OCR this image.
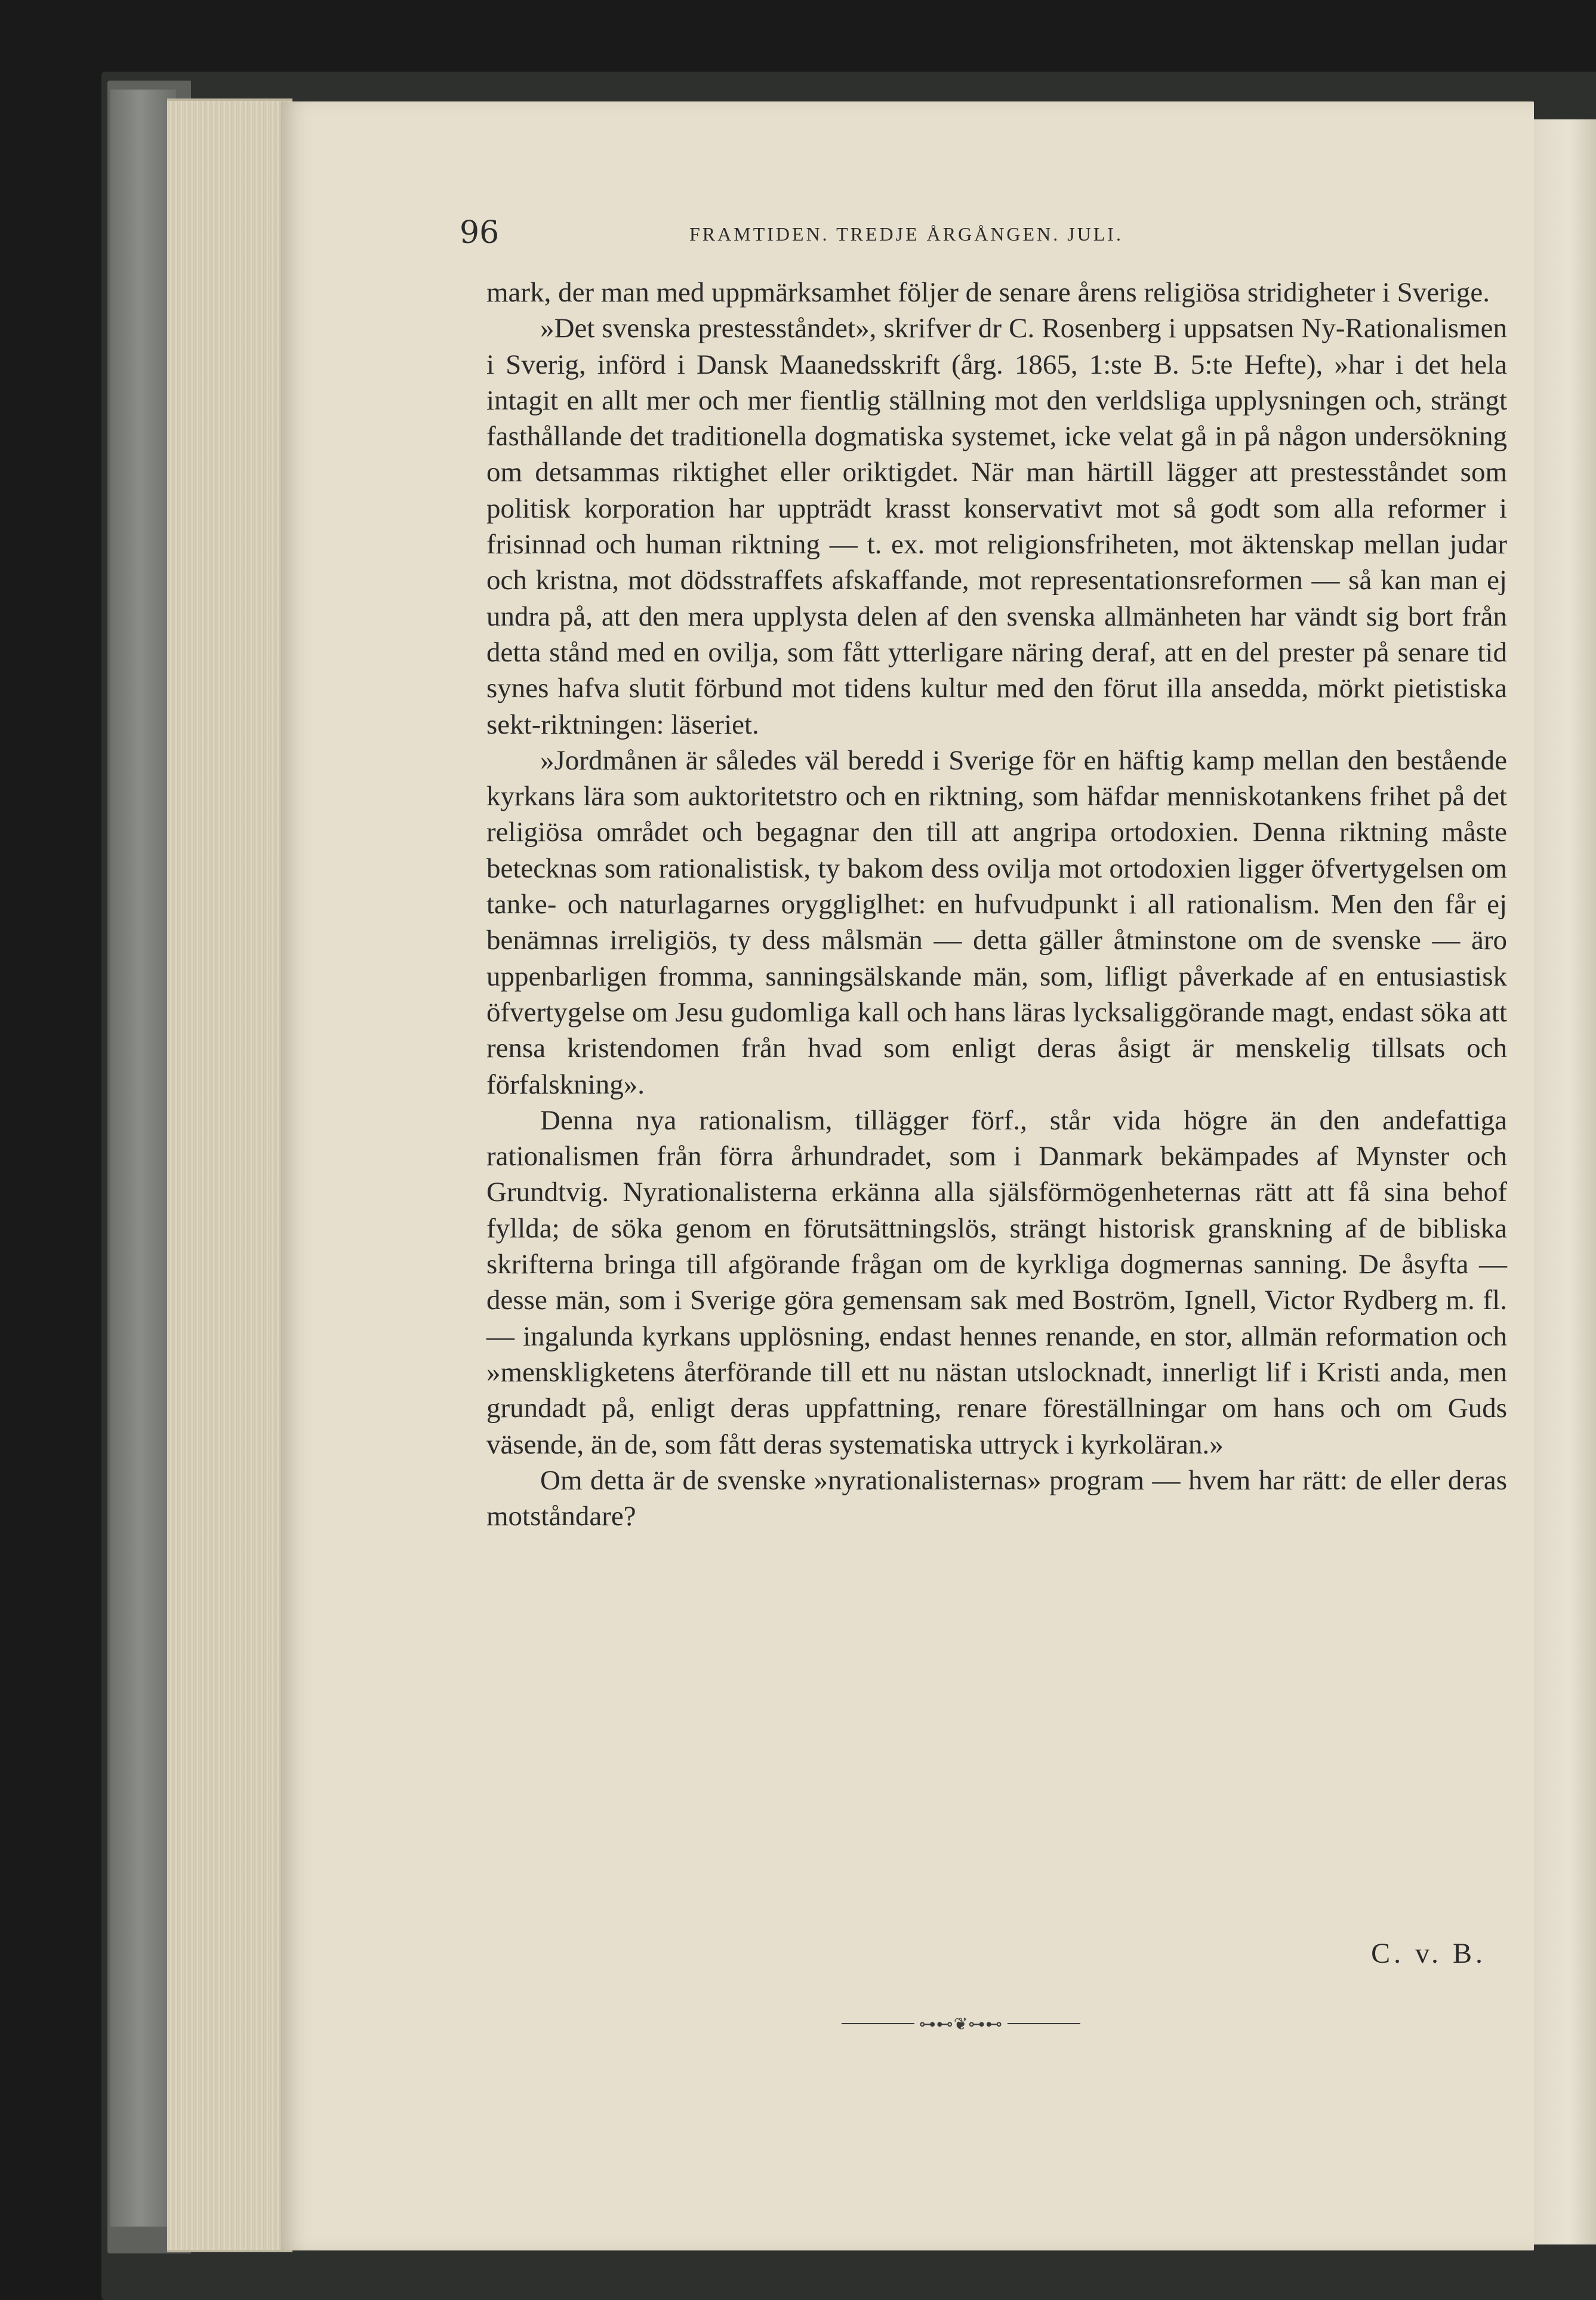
96	FRAMTIDEN. TREDJE ÅRGÅNGEN. JULI.

mark, der man med uppmärksamhet följer de senare årens religiösa stridigheter i Sverige.

»Det svenska prestesståndet», skrifver dr C. Rosenberg i uppsatsen Ny-Rationalismen i Sverig, införd i Dansk Maanedsskrift (årg. 1865, 1:ste B. 5:te Hefte), »har i det hela intagit en allt mer och mer fientlig ställning mot den verldsliga upplysningen och, strängt fasthållande det traditionella dogmatiska systemet, icke velat gå in på någon undersökning om detsammas riktighet eller oriktigdet. När man härtill lägger att prestesståndet som politisk korporation har uppträdt krasst konservativt mot så godt som alla reformer i frisinnad och human riktning — t. ex. mot religionsfriheten, mot äktenskap mellan judar och kristna, mot dödsstraffets afskaffande, mot representationsreformen — så kan man ej undra på, att den mera upplysta delen af den svenska allmänheten har vändt sig bort från detta stånd med en ovilja, som fått ytterligare näring deraf, att en del prester på senare tid synes hafva slutit förbund mot tidens kultur med den förut illa ansedda, mörkt pietistiska sekt-riktningen: läseriet.

»Jordmånen är således väl beredd i Sverige för en häftig kamp mellan den bestående kyrkans lära som auktoritetstro och en riktning, som häfdar menniskotankens frihet på det religiösa området och begagnar den till att angripa ortodoxien. Denna riktning måste betecknas som rationalistisk, ty bakom dess ovilja mot ortodoxien ligger öfvertygelsen om tanke- och naturlagarnes oryggliglhet: en hufvudpunkt i all rationalism. Men den får ej benämnas irreligiös, ty dess målsmän — detta gäller åtminstone om de svenske — äro uppenbarligen fromma, sanningsälskande män, som, lifligt påverkade af en entusiastisk öfvertygelse om Jesu gudomliga kall och hans läras lycksaliggörande magt, endast söka att rensa kristendomen från hvad som enligt deras åsigt är menskelig tillsats och förfalskning».

Denna nya rationalism, tillägger förf., står vida högre än den andefattiga rationalismen från förra århundradet, som i Danmark bekämpades af Mynster och Grundtvig. Nyrationalisterna erkänna alla själsförmögenheternas rätt att få sina behof fyllda; de söka genom en förutsättningslös, strängt historisk granskning af de bibliska skrifterna bringa till afgörande frågan om de kyrkliga dogmernas sanning. De åsyfta — desse män, som i Sverige göra gemensam sak med Boström, Ignell, Victor Rydberg m. fl. — ingalunda kyrkans upplösning, endast hennes renande, en stor, allmän reformation och »menskligketens återförande till ett nu nästan utslocknadt, innerligt lif i Kristi anda, men grundadt på, enligt deras uppfattning, renare föreställningar om hans och om Guds väsende, än de, som fått deras systematiska uttryck i kyrkoläran.»

Om detta är de svenske »nyrationalisternas» program — hvem har rätt: de eller deras motståndare?

C. v. B.
⊶⊷❦⊶⊷
